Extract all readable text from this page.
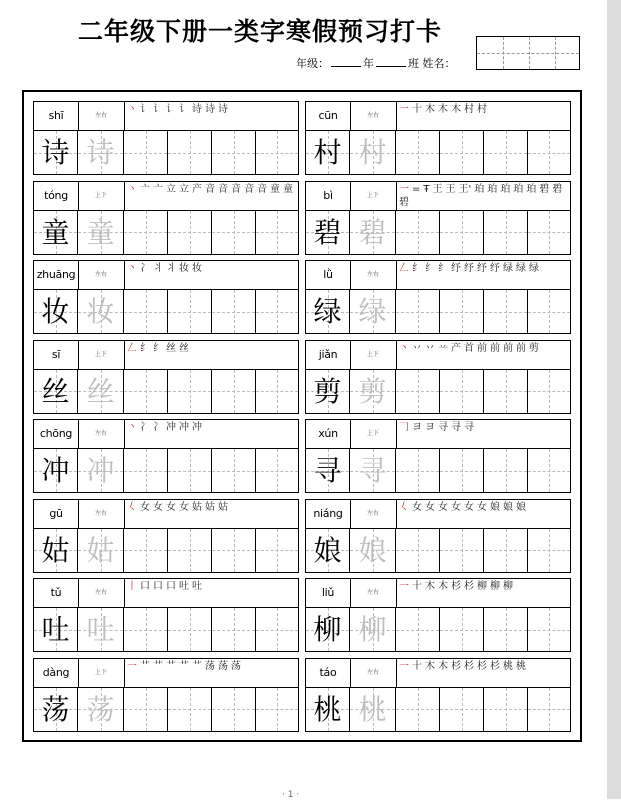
二年级下册一类字寒假预习打卡
年级：	年	班 姓名：
shī	左右
丶 讠 讠 讠 讠 诗 诗 诗
诗 诗
cūn	左右
一 十 木 木 木 村 村
村 村
tóng	上下
丶 亠 亠 立 立 产 音 音 音 音 音 童 童
童 童
bì	上下
一 = Ŧ 王 王 王' 珀 珀 珀 珀 珀 碧 碧碧
碧 碧
zhuāng	左右
丶 冫 丬 丬 妆 妆
妆 妆
lǜ	左右
𠃋 纟 纟 纟 纾 纾 纾 纾 绿 绿 绿
绿 绿
sī	上下
𠃋 纟 纟 丝 丝
丝 丝
jiǎn	上下
丶 丷 丷 䒑 产 首 前 前 前 前 剪
剪 剪
chōng	左右
丶 冫 冫 冲 冲 冲
冲 冲
xún	上下
𠃌 ヨ ヨ 寻 寻 寻
寻 寻
gū	左右
𡿨 女 女 女 女 姑 姑 姑
姑 姑
niáng	左右
𡿨 女 女 女 女 女 女 娘 娘 娘
娘 娘
tǔ	左右
丨 口 口 口 吐 吐
吐 吐
liǔ	左右
一 十 木 木 杉 杉 柳 柳 柳
柳 柳
dàng	上下
一 艹 艹 艹 艹 艹 荡 荡 荡
荡 荡
táo	左右
一 十 木 木 杉 杉 杉 杉 桃 桃
桃 桃
· 1 ·
